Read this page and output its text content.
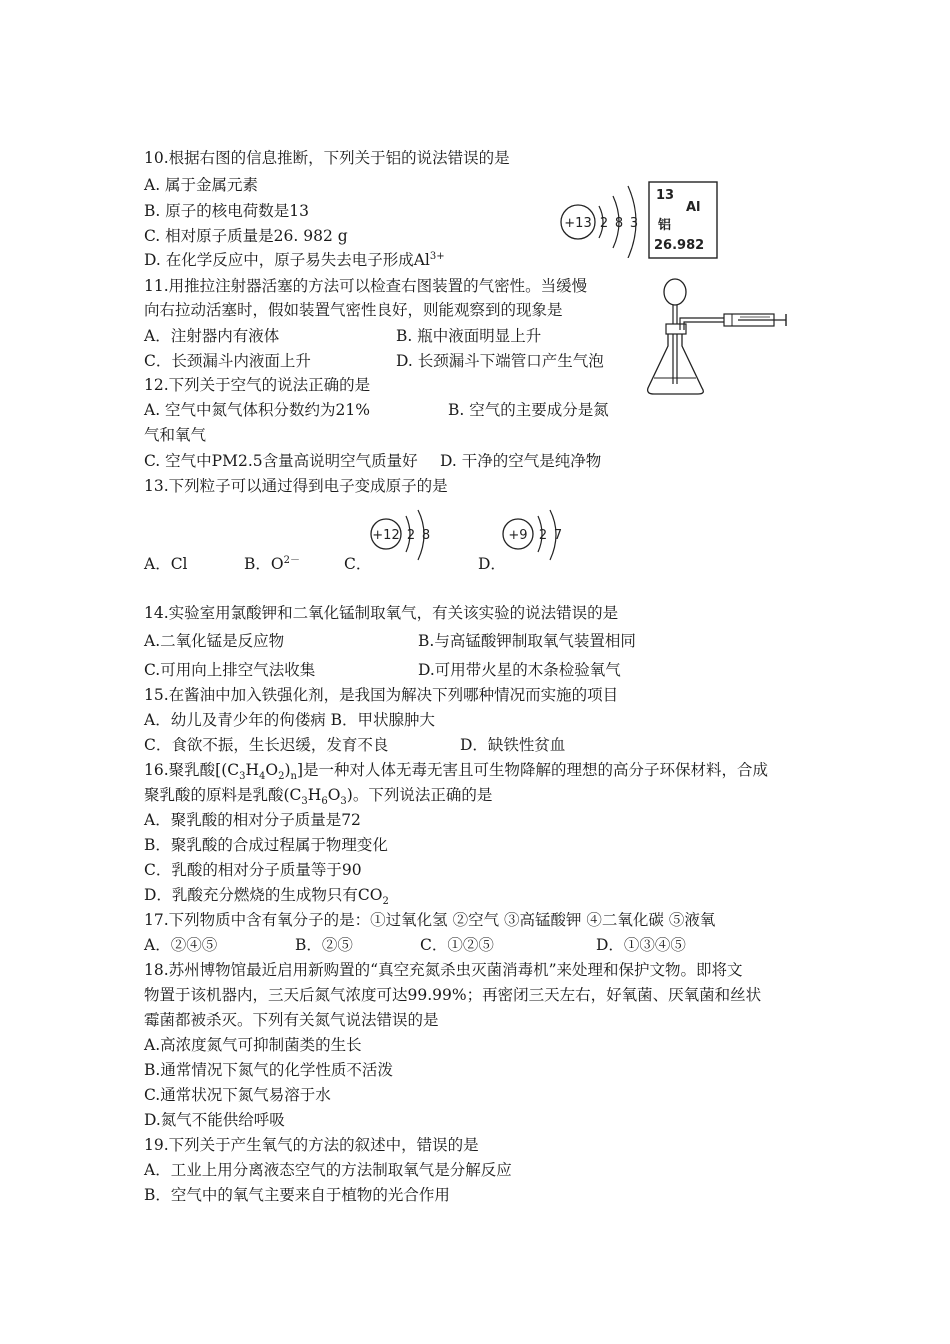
10.根据右图的信息推断，下列关于铝的说法错误的是
A. 属于金属元素
B. 原子的核电荷数是13
C. 相对原子质量是26. 982 g
D. 在化学反应中，原子易失去电子形成$Al^{3+}$
+13 2 8 3
13
Al
铝
26.982
11.用推拉注射器活塞的方法可以检查右图装置的气密性。当缓慢
向右拉动活塞时，假如装置气密性良好，则能观察到的现象是
A．注射器内有液体	B. 瓶中液面明显上升
C．长颈漏斗内液面上升	D. 长颈漏斗下端管口产生气泡
12.下列关于空气的说法正确的是
A. 空气中氮气体积分数约为21%	B. 空气的主要成分是氮
气和氧气
C. 空气中PM2.5含量高说明空气质量好 D. 干净的空气是纯净物
13.下列粒子可以通过得到电子变成原子的是
+12 2 8	+9 2 7
A．Cl	B．$O^{2-}$	C．	D．
14.实验室用氯酸钾和二氧化锰制取氧气，有关该实验的说法错误的是
A.二氧化锰是反应物	B.与高锰酸钾制取氧气装置相同
C.可用向上排空气法收集	D.可用带火星的木条检验氧气
15.在酱油中加入铁强化剂，是我国为解决下列哪种情况而实施的项目
A．幼儿及青少年的佝偻病 B．甲状腺肿大
C．食欲不振，生长迟缓，发育不良	D．缺铁性贫血
16.聚乳酸$[(C_3H_4O_2)_n]$是一种对人体无毒无害且可生物降解的理想的高分子环保材料，合成
聚乳酸的原料是乳酸$(C_3H_6O_3)$。下列说法正确的是
A．聚乳酸的相对分子质量是72
B．聚乳酸的合成过程属于物理变化
C．乳酸的相对分子质量等于90
D．乳酸充分燃烧的生成物只有$CO_2$
17.下列物质中含有氧分子的是：①过氧化氢 ②空气 ③高锰酸钾 ④二氧化碳 ⑤液氧
A．②④⑤	B．②⑤	C．①②⑤	D．①③④⑤
18.苏州博物馆最近启用新购置的“真空充氮杀虫灭菌消毒机”来处理和保护文物。即将文
物置于该机器内，三天后氮气浓度可达99.99%；再密闭三天左右，好氧菌、厌氧菌和丝状
霉菌都被杀灭。下列有关氮气说法错误的是
A.高浓度氮气可抑制菌类的生长
B.通常情况下氮气的化学性质不活泼
C.通常状况下氮气易溶于水
D.氮气不能供给呼吸
19.下列关于产生氧气的方法的叙述中，错误的是
A．工业上用分离液态空气的方法制取氧气是分解反应
B．空气中的氧气主要来自于植物的光合作用
